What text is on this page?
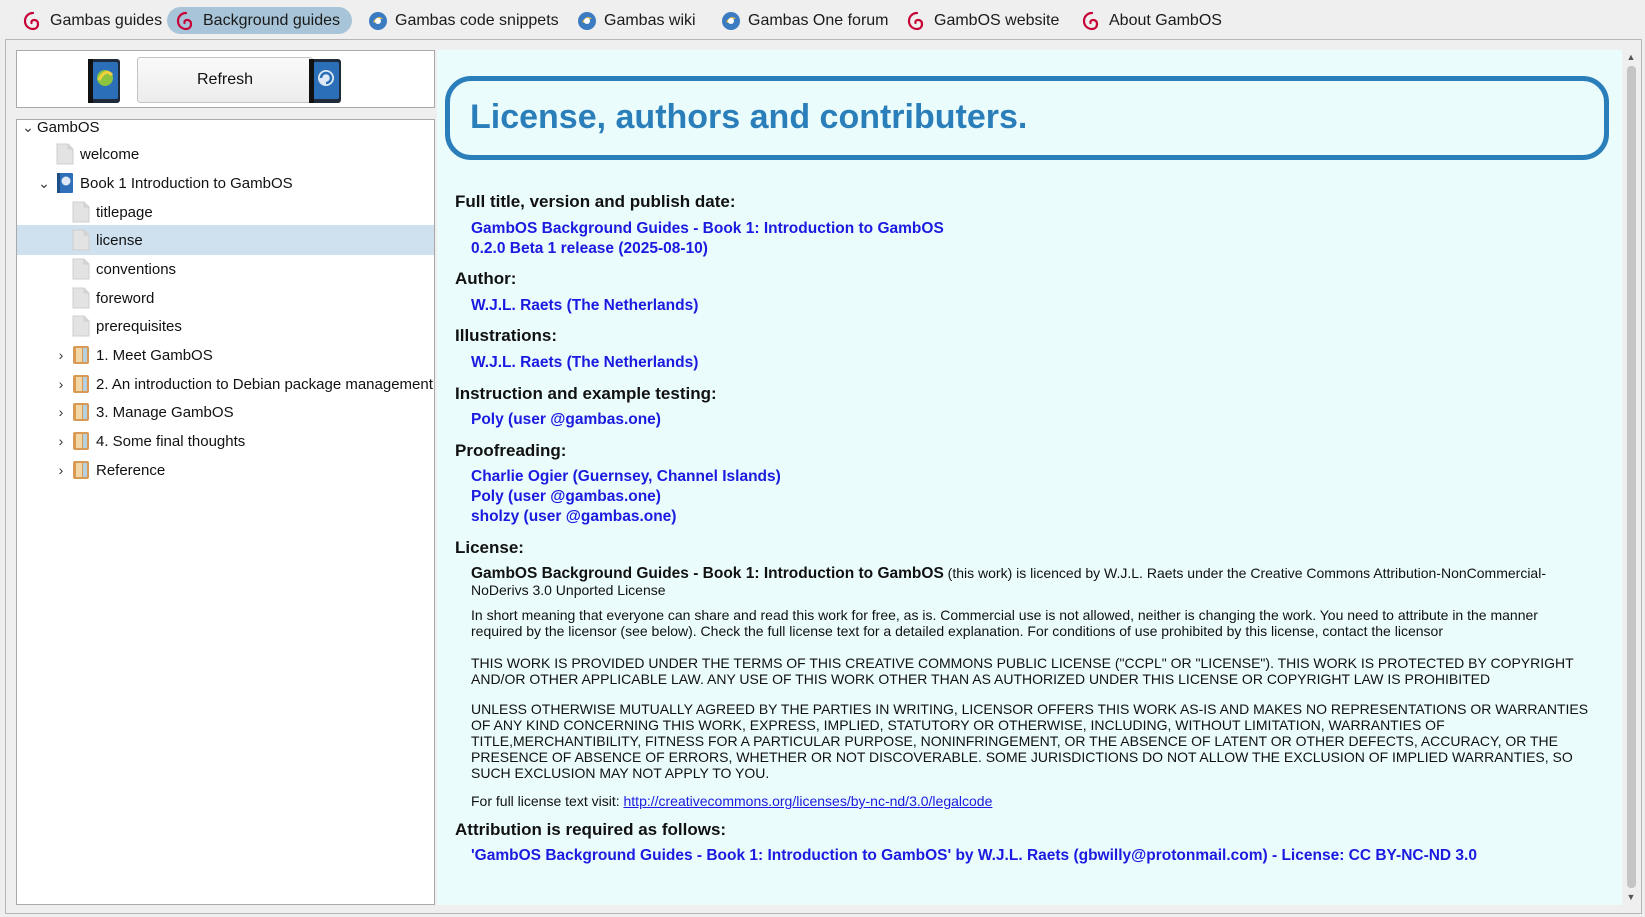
Gambas guides	Background guides	Gambas code snippets	Gambas wiki	Gambas One forum	GambOS website	About GambOS
Refresh
⌄ GambOS
welcome
⌄ Book 1 Introduction to GambOS
titlepage
license
conventions
foreword
prerequisites
›	1. Meet GambOS
›	2. An introduction to Debian package management
›	3. Manage GambOS
›	4. Some final thoughts
›	Reference
License, authors and contributers.
Full title, version and publish date:
GambOS Background Guides - Book 1: Introduction to GambOS
0.2.0 Beta 1 release (2025-08-10)
Author:
W.J.L. Raets (The Netherlands)
Illustrations:
W.J.L. Raets (The Netherlands)
Instruction and example testing:
Poly (user @gambas.one)
Proofreading:
Charlie Ogier (Guernsey, Channel Islands)
Poly (user @gambas.one)
sholzy (user @gambas.one)
License:
GambOS Background Guides - Book 1: Introduction to GambOS (this work) is licenced by W.J.L. Raets under the Creative Commons Attribution-NonCommercial-NoDerivs 3.0 Unported License
In short meaning that everyone can share and read this work for free, as is. Commercial use is not allowed, neither is changing the work. You need to attribute in the manner required by the licensor (see below). Check the full license text for a detailed explanation. For conditions of use prohibited by this license, contact the licensor
THIS WORK IS PROVIDED UNDER THE TERMS OF THIS CREATIVE COMMONS PUBLIC LICENSE ("CCPL" OR "LICENSE"). THIS WORK IS PROTECTED BY COPYRIGHT AND/OR OTHER APPLICABLE LAW. ANY USE OF THIS WORK OTHER THAN AS AUTHORIZED UNDER THIS LICENSE OR COPYRIGHT LAW IS PROHIBITED
UNLESS OTHERWISE MUTUALLY AGREED BY THE PARTIES IN WRITING, LICENSOR OFFERS THIS WORK AS-IS AND MAKES NO REPRESENTATIONS OR WARRANTIES OF ANY KIND CONCERNING THIS WORK, EXPRESS, IMPLIED, STATUTORY OR OTHERWISE, INCLUDING, WITHOUT LIMITATION, WARRANTIES OF TITLE,MERCHANTIBILITY, FITNESS FOR A PARTICULAR PURPOSE, NONINFRINGEMENT, OR THE ABSENCE OF LATENT OR OTHER DEFECTS, ACCURACY, OR THE PRESENCE OF ABSENCE OF ERRORS, WHETHER OR NOT DISCOVERABLE. SOME JURISDICTIONS DO NOT ALLOW THE EXCLUSION OF IMPLIED WARRANTIES, SO SUCH EXCLUSION MAY NOT APPLY TO YOU.
For full license text visit: http://creativecommons.org/licenses/by-nc-nd/3.0/legalcode
Attribution is required as follows:
'GambOS Background Guides - Book 1: Introduction to GambOS' by W.J.L. Raets (gbwilly@protonmail.com) - License: CC BY-NC-ND 3.0
▲
▼
